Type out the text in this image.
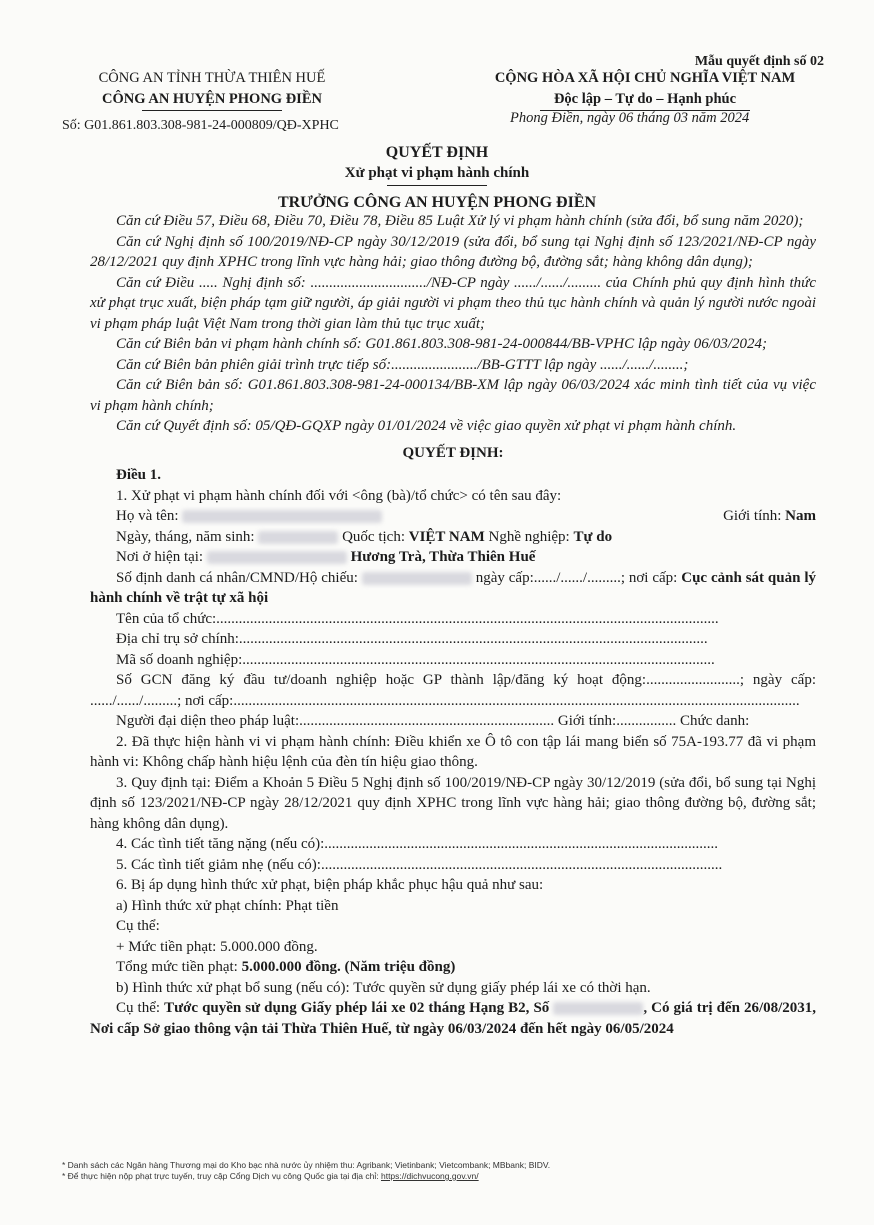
Mẫu quyết định số 02
CÔNG AN TỈNH THỪA THIÊN HUẾ
CÔNG AN HUYỆN PHONG ĐIỀN
Số: G01.861.803.308-981-24-000809/QĐ-XPHC
CỘNG HÒA XÃ HỘI CHỦ NGHĨA VIỆT NAM
Độc lập – Tự do – Hạnh phúc
Phong Điền, ngày 06 tháng 03 năm 2024
QUYẾT ĐỊNH
Xử phạt vi phạm hành chính
TRƯỞNG CÔNG AN HUYỆN PHONG ĐIỀN

Căn cứ Điều 57, Điều 68, Điều 70, Điều 78, Điều 85 Luật Xử lý vi phạm hành chính (sửa đổi, bổ sung năm 2020);

Căn cứ Nghị định số 100/2019/NĐ-CP ngày 30/12/2019 (sửa đổi, bổ sung tại Nghị định số 123/2021/NĐ-CP ngày 28/12/2021 quy định XPHC trong lĩnh vực hàng hải; giao thông đường bộ, đường sắt; hàng không dân dụng);

Căn cứ Điều ..... Nghị định số: .............................../NĐ-CP ngày ....../....../......... của Chính phủ quy định hình thức xử phạt trục xuất, biện pháp tạm giữ người, áp giải người vi phạm theo thủ tục hành chính và quản lý người nước ngoài vi phạm pháp luật Việt Nam trong thời gian làm thủ tục trục xuất;

Căn cứ Biên bản vi phạm hành chính số: G01.861.803.308-981-24-000844/BB-VPHC lập ngày 06/03/2024;

Căn cứ Biên bản phiên giải trình trực tiếp số:......................./BB-GTTT lập ngày ....../....../........;

Căn cứ Biên bản số: G01.861.803.308-981-24-000134/BB-XM lập ngày 06/03/2024 xác minh tình tiết của vụ việc vi phạm hành chính;

Căn cứ Quyết định số: 05/QĐ-GQXP ngày 01/01/2024 về việc giao quyền xử phạt vi phạm hành chính.

QUYẾT ĐỊNH:

Điều 1.

1. Xử phạt vi phạm hành chính đối với <ông (bà)/tổ chức> có tên sau đây:

Họ và tên:	Giới tính: Nam

Ngày, tháng, năm sinh:	Quốc tịch: VIỆT NAM Nghề nghiệp: Tự do

Nơi ở hiện tại:	Hương Trà, Thừa Thiên Huế

Số định danh cá nhân/CMND/Hộ chiếu:	ngày cấp:....../....../.........; nơi cấp: Cục cảnh sát quản lý hành chính về trật tự xã hội

Tên của tổ chức:......................................................................................................................................

Địa chỉ trụ sở chính:.............................................................................................................................

Mã số doanh nghiệp:..............................................................................................................................

Số GCN đăng ký đầu tư/doanh nghiệp hoặc GP thành lập/đăng ký hoạt động:.........................; ngày cấp: ....../....../.........; nơi cấp:.......................................................................................................................................................

Người đại diện theo pháp luật:.................................................................... Giới tính:................ Chức danh:

2. Đã thực hiện hành vi vi phạm hành chính: Điều khiển xe Ô tô con tập lái mang biển số 75A-193.77 đã vi phạm hành vi: Không chấp hành hiệu lệnh của đèn tín hiệu giao thông.

3. Quy định tại: Điểm a Khoản 5 Điều 5 Nghị định số 100/2019/NĐ-CP ngày 30/12/2019 (sửa đổi, bổ sung tại Nghị định số 123/2021/NĐ-CP ngày 28/12/2021 quy định XPHC trong lĩnh vực hàng hải; giao thông đường bộ, đường sắt; hàng không dân dụng).

4. Các tình tiết tăng nặng (nếu có):.........................................................................................................

5. Các tình tiết giảm nhẹ (nếu có):...........................................................................................................

6. Bị áp dụng hình thức xử phạt, biện pháp khắc phục hậu quả như sau:

a) Hình thức xử phạt chính: Phạt tiền

Cụ thể:

+ Mức tiền phạt: 5.000.000 đồng.

Tổng mức tiền phạt: 5.000.000 đồng. (Năm triệu đồng)

b) Hình thức xử phạt bổ sung (nếu có): Tước quyền sử dụng giấy phép lái xe có thời hạn.

Cụ thể: Tước quyền sử dụng Giấy phép lái xe 02 tháng Hạng B2, Số	, Có giá trị đến 26/08/2031, Nơi cấp Sở giao thông vận tải Thừa Thiên Huế, từ ngày 06/03/2024 đến hết ngày 06/05/2024

* Danh sách các Ngân hàng Thương mại do Kho bạc nhà nước ủy nhiệm thu: Agribank; Vietinbank; Vietcombank; MBbank; BIDV.
* Để thực hiện nộp phạt trực tuyến, truy cập Cổng Dịch vụ công Quốc gia tại địa chỉ: https://dichvucong.gov.vn/
